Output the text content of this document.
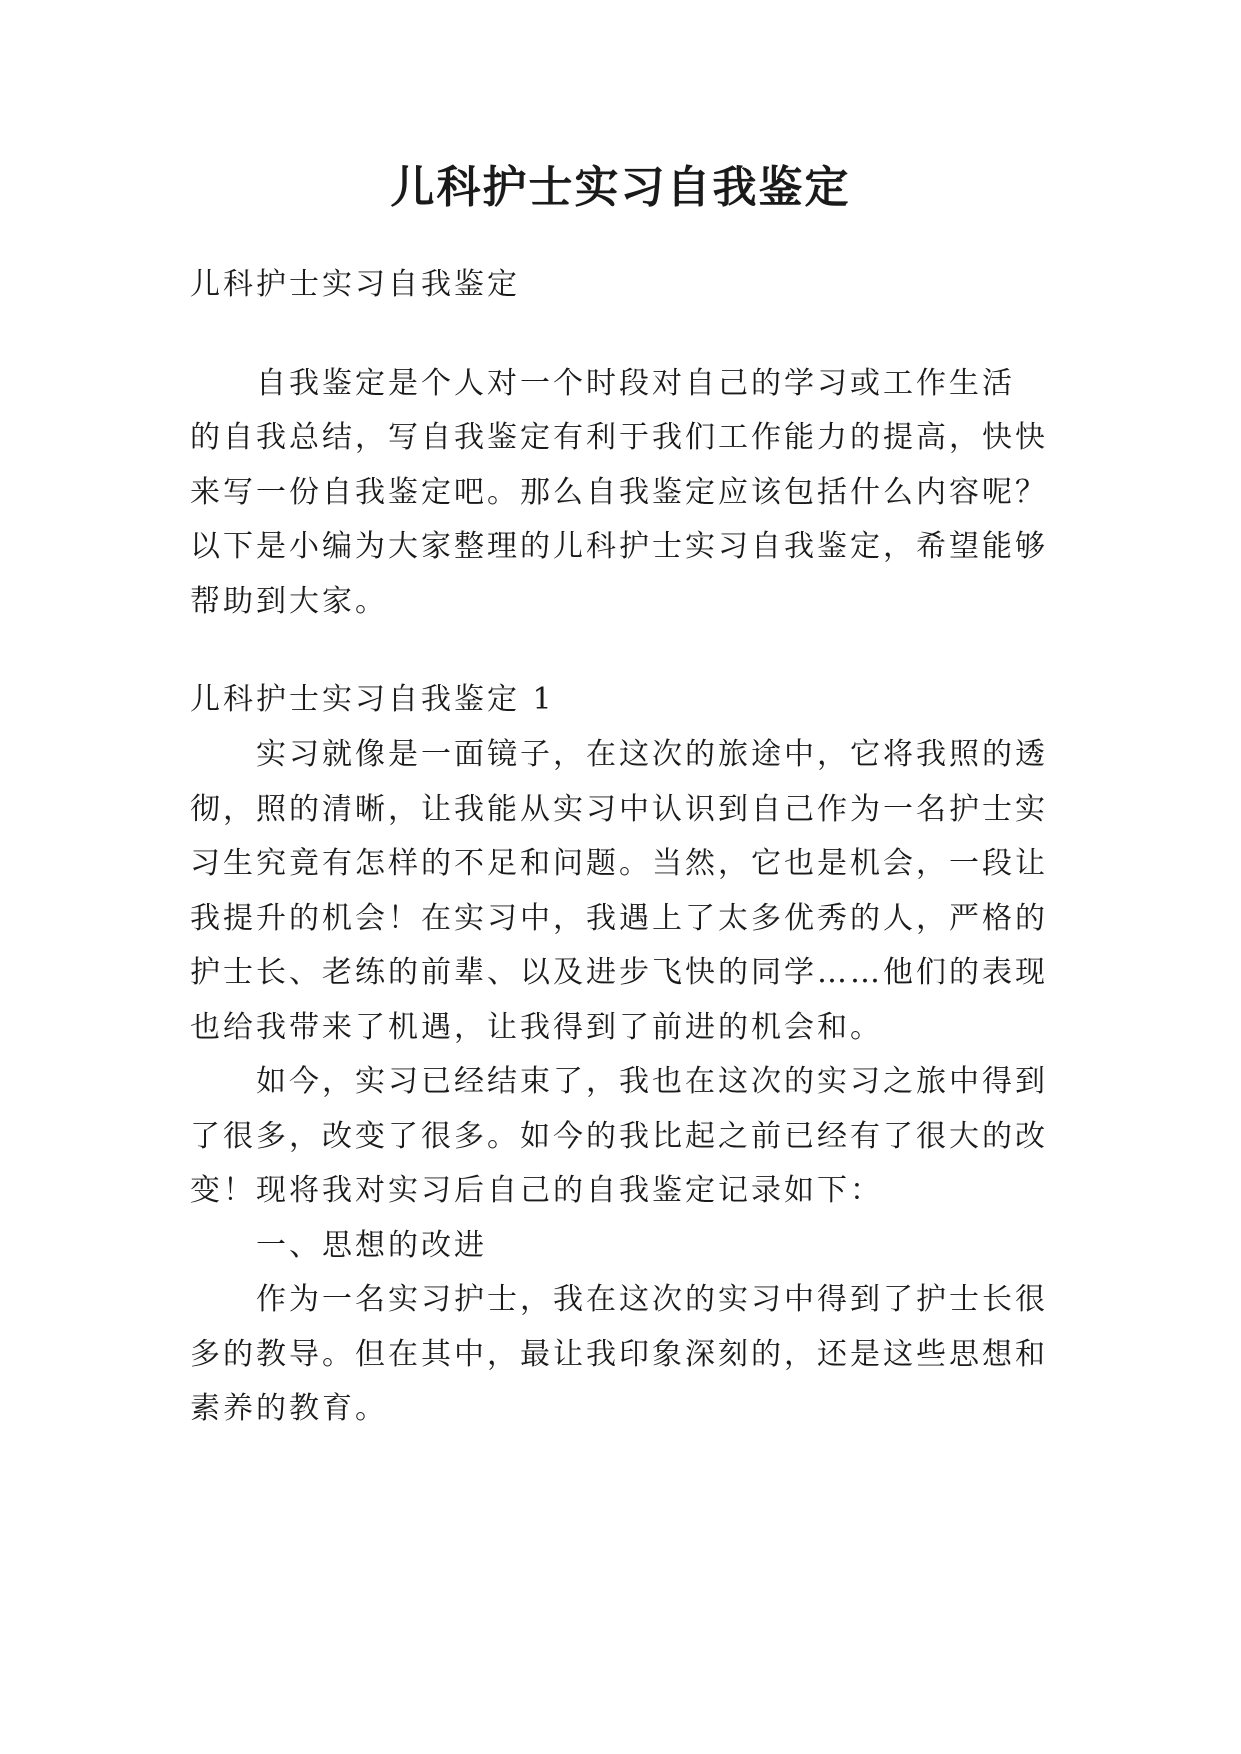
儿科护士实习自我鉴定
儿科护士实习自我鉴定
自我鉴定是个人对一个时段对自己的学习或工作生活
的自我总结，写自我鉴定有利于我们工作能力的提高，快快
来写一份自我鉴定吧。那么自我鉴定应该包括什么内容呢？
以下是小编为大家整理的儿科护士实习自我鉴定，希望能够
帮助到大家。
儿科护士实习自我鉴定 1
实习就像是一面镜子，在这次的旅途中，它将我照的透
彻，照的清晰，让我能从实习中认识到自己作为一名护士实
习生究竟有怎样的不足和问题。当然，它也是机会，一段让
我提升的机会！在实习中，我遇上了太多优秀的人，严格的
护士长、老练的前辈、以及进步飞快的同学……他们的表现
也给我带来了机遇，让我得到了前进的机会和。
如今，实习已经结束了，我也在这次的实习之旅中得到
了很多，改变了很多。如今的我比起之前已经有了很大的改
变！现将我对实习后自己的自我鉴定记录如下：
一、思想的改进
作为一名实习护士，我在这次的实习中得到了护士长很
多的教导。但在其中，最让我印象深刻的，还是这些思想和
素养的教育。
